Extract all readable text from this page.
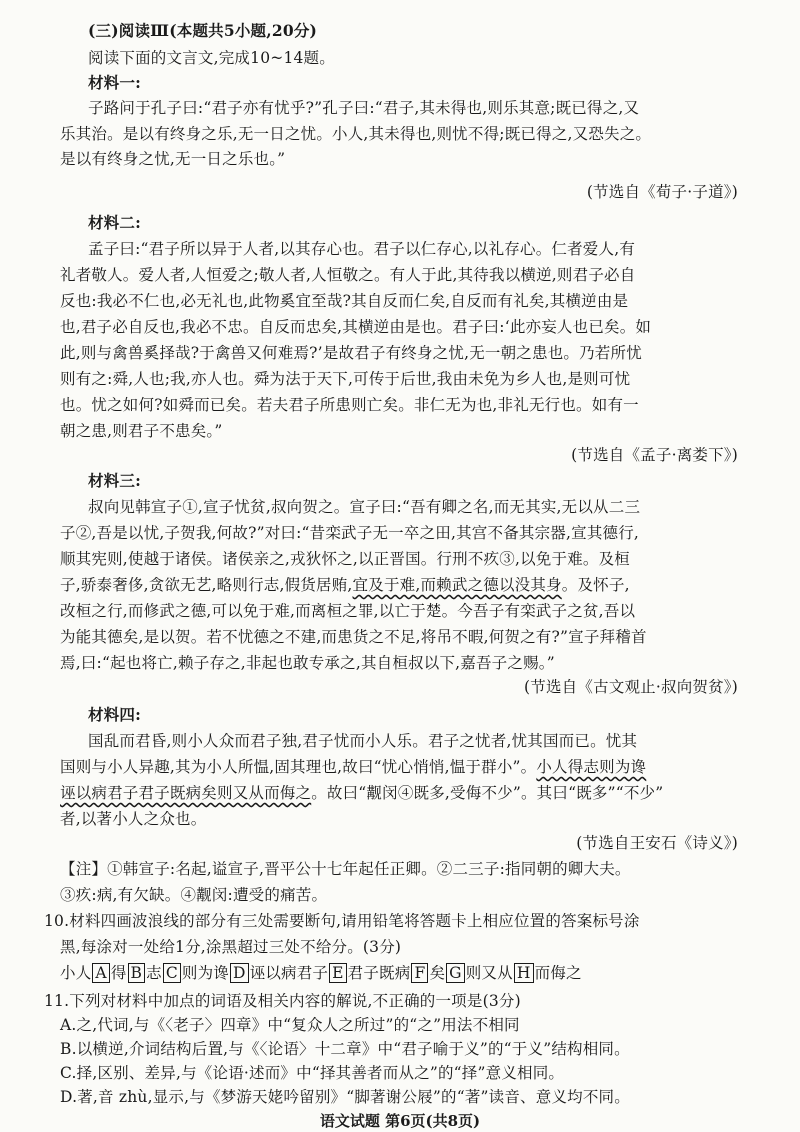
(三)阅读Ⅲ(本题共5小题,20分)
阅读下面的文言文,完成10~14题。
材料一:
子路问于孔子曰:“君子亦有忧乎?”孔子曰:“君子,其未得也,则乐其意;既已得之,又
乐其治。是以有终身之乐,无一日之忧。小人,其未得也,则忧不得;既已得之,又恐失之。
是以有终身之忧,无一日之乐也。”
(节选自《荀子·子道》)
材料二:
孟子曰:“君子所以异于人者,以其存心也。君子以仁存心,以礼存心。仁者爱人,有
礼者敬人。爱人者,人恒爱之;敬人者,人恒敬之。有人于此,其待我以横逆,则君子必自
反也:我必不仁也,必无礼也,此物奚宜至哉?其自反而仁矣,自反而有礼矣,其横逆由是
也,君子必自反也,我必不忠。自反而忠矣,其横逆由是也。君子曰:‘此亦妄人也已矣。如
此,则与禽兽奚择哉?于禽兽又何难焉?’是故君子有终身之忧,无一朝之患也。乃若所忧
则有之:舜,人也;我,亦人也。舜为法于天下,可传于后世,我由未免为乡人也,是则可忧
也。忧之如何?如舜而已矣。若夫君子所患则亡矣。非仁无为也,非礼无行也。如有一
朝之患,则君子不患矣。”
(节选自《孟子·离娄下》)
材料三:
叔向见韩宣子①,宣子忧贫,叔向贺之。宣子曰:“吾有卿之名,而无其实,无以从二三
子②,吾是以忧,子贺我,何故?”对曰:“昔栾武子无一卒之田,其宫不备其宗器,宣其德行,
顺其宪则,使越于诸侯。诸侯亲之,戎狄怀之,以正晋国。行刑不疚③,以免于难。及桓
子,骄泰奢侈,贪欲无艺,略则行志,假货居贿,宜及于难,而赖武之德以没其身。及怀子,
改桓之行,而修武之德,可以免于难,而离桓之罪,以亡于楚。今吾子有栾武子之贫,吾以
为能其德矣,是以贺。若不忧德之不建,而患货之不足,将吊不暇,何贺之有?”宣子拜稽首
焉,曰:“起也将亡,赖子存之,非起也敢专承之,其自桓叔以下,嘉吾子之赐。”
(节选自《古文观止·叔向贺贫》)
材料四:
国乱而君昏,则小人众而君子独,君子忧而小人乐。君子之忧者,忧其国而已。忧其
国则与小人异趣,其为小人所愠,固其理也,故曰“忧心悄悄,愠于群小”。小人得志则为谗
诬以病君子君子既病矣则又从而侮之。故曰“觏闵④既多,受侮不少”。其曰“既多”“不少”
者,以著小人之众也。
(节选自王安石《诗义》)
【注】①韩宣子:名起,谥宣子,晋平公十七年起任正卿。②二三子:指同朝的卿大夫。
③疚:病,有欠缺。④觏闵:遭受的痛苦。
10.材料四画波浪线的部分有三处需要断句,请用铅笔将答题卡上相应位置的答案标号涂
黑,每涂对一处给1分,涂黑超过三处不给分。(3分)
小人 A 得 B 志 C 则为谗 D 诬以病君子 E 君子既病 F 矣 G 则又从 H 而侮之
11.下列对材料中加点的词语及相关内容的解说,不正确的一项是(3分)
A.之,代词,与《〈老子〉四章》中“复众人之所过”的“之”用法不相同
B.以横逆,介词结构后置,与《〈论语〉十二章》中“君子喻于义”的“于义”结构相同。
C.择,区别、差异,与《论语·述而》中“择其善者而从之”的“择”意义相同。
D.著,音 zhù,显示,与《梦游天姥吟留别》“脚著谢公屐”的“著”读音、意义均不同。
语文试题 第6页(共8页)
